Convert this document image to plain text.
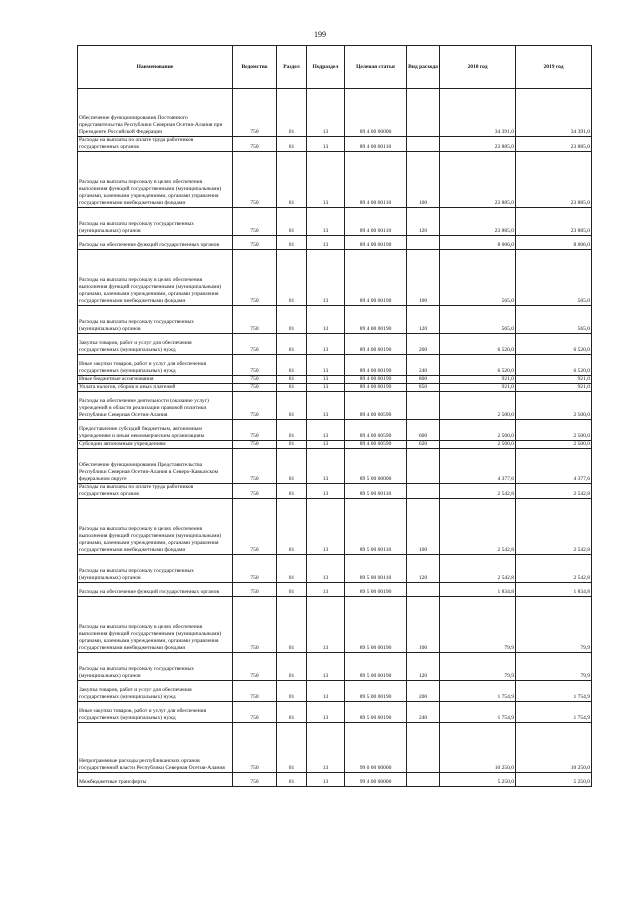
199
Наименование	Ведомство	Раздел	Подраздел	Целевая статья	Вид расхода	2018 год	2019 год
Обеспечение функционирования Постоянного представительства Республики Северная Осетия-Алания при Президенте Российской Федерации	750	01	13	89 4 00 00000		34 391,0	34 391,0
Расходы на выплаты по оплате труда работников государственных органов	750	01	13	89 4 00 00110		23 885,0	23 885,0
Расходы на выплаты персоналу в целях обеспечения выполнения функций государственными (муниципальными) органами, казенными учреждениями, органами управления государственными внебюджетными фондами	750	01	13	89 4 00 00110	100	23 885,0	23 885,0
Расходы на выплаты персоналу государственных (муниципальных) органов	750	01	13	89 4 00 00110	120	23 885,0	23 885,0
Расходы на обеспечение функций государственных органов	750	01	13	89 4 00 00190		8 006,0	8 006,0
Расходы на выплаты персоналу в целях обеспечения выполнения функций государственными (муниципальными) органами, казенными учреждениями, органами управления государственными внебюджетными фондами	750	01	13	89 4 00 00190	100	565,0	565,0
Расходы на выплаты персоналу государственных (муниципальных) органов	750	01	13	89 4 00 00190	120	565,0	565,0
Закупка товаров, работ и услуг для обеспечения государственных (муниципальных) нужд	750	01	13	89 4 00 00190	200	6 520,0	6 520,0
Иные закупки товаров, работ и услуг для обеспечения государственных (муниципальных) нужд	750	01	13	89 4 00 00190	240	6 520,0	6 520,0
Иные бюджетные ассигнования	750	01	13	89 4 00 00190	800	921,0	921,0
Уплата налогов, сборов и иных платежей	750	01	13	89 4 00 00190	850	921,0	921,0
Расходы на обеспечение деятельности (оказание услуг) учреждений в области реализации правовой политики Республики Северная Осетия-Алания	750	01	13	89 4 00 00590		2 500,0	2 500,0
Предоставление субсидий бюджетным, автономным учреждениям и иным некоммерческим организациям	750	01	13	89 4 00 00590	600	2 500,0	2 500,0
Субсидии автономным учреждениям	750	01	13	89 4 00 00590	620	2 500,0	2 500,0
Обеспечение функционирования Представительства Республики Северная Осетия-Алания в Северо-Кавказском федеральном округе	750	01	13	89 5 00 00000		4 377,6	4 377,6
Расходы на выплаты по оплате труда работников государственных органов	750	01	13	89 5 00 00110		2 542,8	2 542,8
Расходы на выплаты персоналу в целях обеспечения выполнения функций государственными (муниципальными) органами, казенными учреждениями, органами управления государственными внебюджетными фондами	750	01	13	89 5 00 00110	100	2 542,8	2 542,8
Расходы на выплаты персоналу государственных (муниципальных) органов	750	01	13	89 5 00 00110	120	2 542,8	2 542,8
Расходы на обеспечение функций государственных органов	750	01	13	89 5 00 00190		1 834,8	1 834,8
Расходы на выплаты персоналу в целях обеспечения выполнения функций государственными (муниципальными) органами, казенными учреждениями, органами управления государственными внебюджетными фондами	750	01	13	89 5 00 00190	100	79,9	79,9
Расходы на выплаты персоналу государственных (муниципальных) органов	750	01	13	89 5 00 00190	120	79,9	79,9
Закупка товаров, работ и услуг для обеспечения государственных (муниципальных) нужд	750	01	13	89 5 00 00190	200	1 754,9	1 754,9
Иные закупки товаров, работ и услуг для обеспечения государственных (муниципальных) нужд	750	01	13	89 5 00 00190	240	1 754,9	1 754,9
Непрограммные расходы республиканских органов государственной власти Республики Северная Осетия-Алания	750	01	13	99 0 00 00000		10 250,0	10 250,0
Межбюджетные трансферты	750	01	13	99 4 00 00000		5 250,0	5 250,0
